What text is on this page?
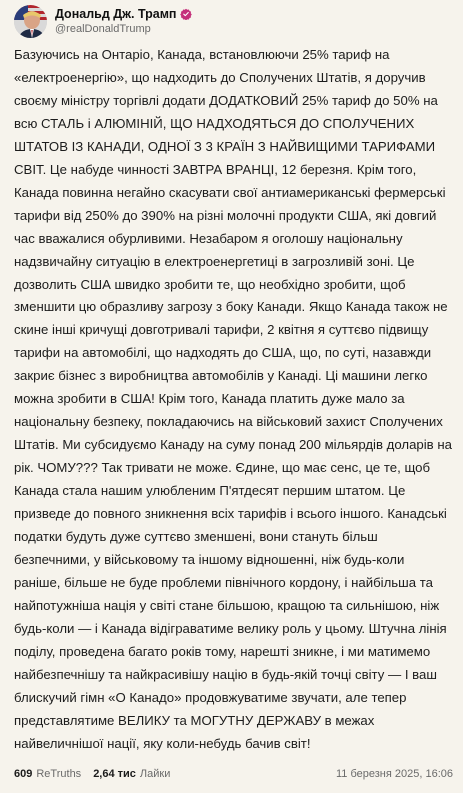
Дональд Дж. Трамп
@realDonaldTrump
Базуючись на Онтаріо, Канада, встановлюючи 25% тариф на «електроенергію», що надходить до Сполучених Штатів, я доручив своєму міністру торгівлі додати ДОДАТКОВИЙ 25% тариф до 50% на всю СТАЛЬ і АЛЮМІНІЙ, ЩО НАДХОДЯТЬСЯ ДО СПОЛУЧЕНИХ ШТАТОВ ІЗ КАНАДИ, ОДНОЇ З 3 КРАЇН З НАЙВИЩИМИ ТАРИФАМИ СВІТ. Це набуде чинності ЗАВТРА ВРАНЦІ, 12 березня. Крім того, Канада повинна негайно скасувати свої антиамериканські фермерські тарифи від 250% до 390% на різні молочні продукти США, які довгий час вважалися обурливими. Незабаром я оголошу національну надзвичайну ситуацію в електроенергетиці в загрозливій зоні. Це дозволить США швидко зробити те, що необхідно зробити, щоб зменшити цю образливу загрозу з боку Канади. Якщо Канада також не скине інші кричущі довготривалі тарифи, 2 квітня я суттєво підвищу тарифи на автомобілі, що надходять до США, що, по суті, назавжди закриє бізнес з виробництва автомобілів у Канаді. Ці машини легко можна зробити в США! Крім того, Канада платить дуже мало за національну безпеку, покладаючись на військовий захист Сполучених Штатів. Ми субсидуємо Канаду на суму понад 200 мільярдів доларів на рік. ЧОМУ??? Так тривати не може. Єдине, що має сенс, це те, щоб Канада стала нашим улюбленим П'ятдесят першим штатом. Це призведе до повного зникнення всіх тарифів і всього іншого. Канадські податки будуть дуже суттєво зменшені, вони стануть більш безпечними, у військовому та іншому відношенні, ніж будь-коли раніше, більше не буде проблеми північного кордону, і найбільша та найпотужніша нація у світі стане більшою, кращою та сильнішою, ніж будь-коли — і Канада відіграватиме велику роль у цьому. Штучна лінія поділу, проведена багато років тому, нарешті зникне, і ми матимемо найбезпечнішу та найкрасивішу націю в будь-якій точці світу — І ваш блискучий гімн «О Канадо» продовжуватиме звучати, але тепер представлятиме ВЕЛИКУ та МОГУТНУ ДЕРЖАВУ в межах найвеличнішої нації, яку коли-небудь бачив світ!
609 ReTruths 2,64 тис Лайки	11 березня 2025, 16:06
